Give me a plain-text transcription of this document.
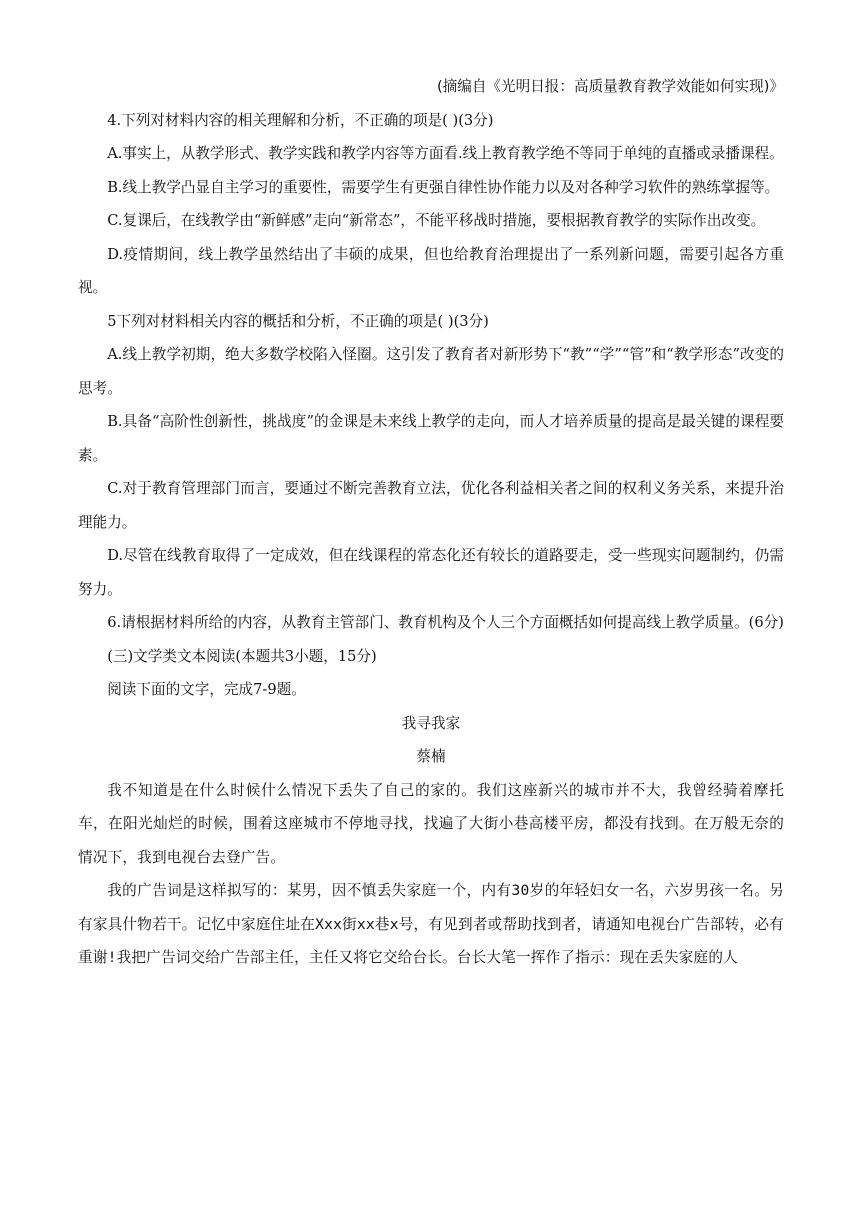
(摘编自《光明日报：高质量教育教学效能如何实现)》

4.下列对材料内容的相关理解和分析，不正确的项是( )(3分)

A.事实上，从教学形式、教学实践和教学内容等方面看.线上教育教学绝不等同于单纯的直播或录播课程。

B.线上教学凸显自主学习的重要性，需要学生有更强自律性协作能力以及对各种学习软件的熟练掌握等。

C.复课后，在线教学由“新鲜感”走向“新常态”，不能平移战时措施，要根据教育教学的实际作出改变。

D.疫情期间，线上教学虽然结出了丰硕的成果，但也给教育治理提出了一系列新问题，需要引起各方重视。

5下列对材料相关内容的概括和分析，不正确的项是( )(3分)

A.线上教学初期，绝大多数学校陷入怪圈。这引发了教育者对新形势下“教”“学”“管”和“教学形态”改变的思考。

B.具备“高阶性创新性，挑战度”的金课是未来线上教学的走向，而人才培养质量的提高是最关键的课程要素。

C.对于教育管理部门而言，要通过不断完善教育立法，优化各利益相关者之间的权利义务关系，来提升治理能力。

D.尽管在线教育取得了一定成效，但在线课程的常态化还有较长的道路要走，受一些现实问题制约，仍需努力。

6.请根据材料所给的内容，从教育主管部门、教育机构及个人三个方面概括如何提高线上教学质量。(6分)

(三)文学类文本阅读(本题共3小题，15分)

阅读下面的文字，完成7-9题。

我寻我家

蔡楠

我不知道是在什么时候什么情况下丢失了自己的家的。我们这座新兴的城市并不大，我曾经骑着摩托车，在阳光灿烂的时候，围着这座城市不停地寻找，找遍了大街小巷高楼平房，都没有找到。在万般无奈的情况下，我到电视台去登广告。

我的广告词是这样拟写的：某男，因不慎丢失家庭一个，内有30岁的年轻妇女一名，六岁男孩一名。另有家具什物若干。记忆中家庭住址在Xxx街xx巷x号，有见到者或帮助找到者，请通知电视台广告部转，必有重谢!我把广告词交给广告部主任，主任又将它交给台长。台长大笔一挥作了指示：现在丢失家庭的人
